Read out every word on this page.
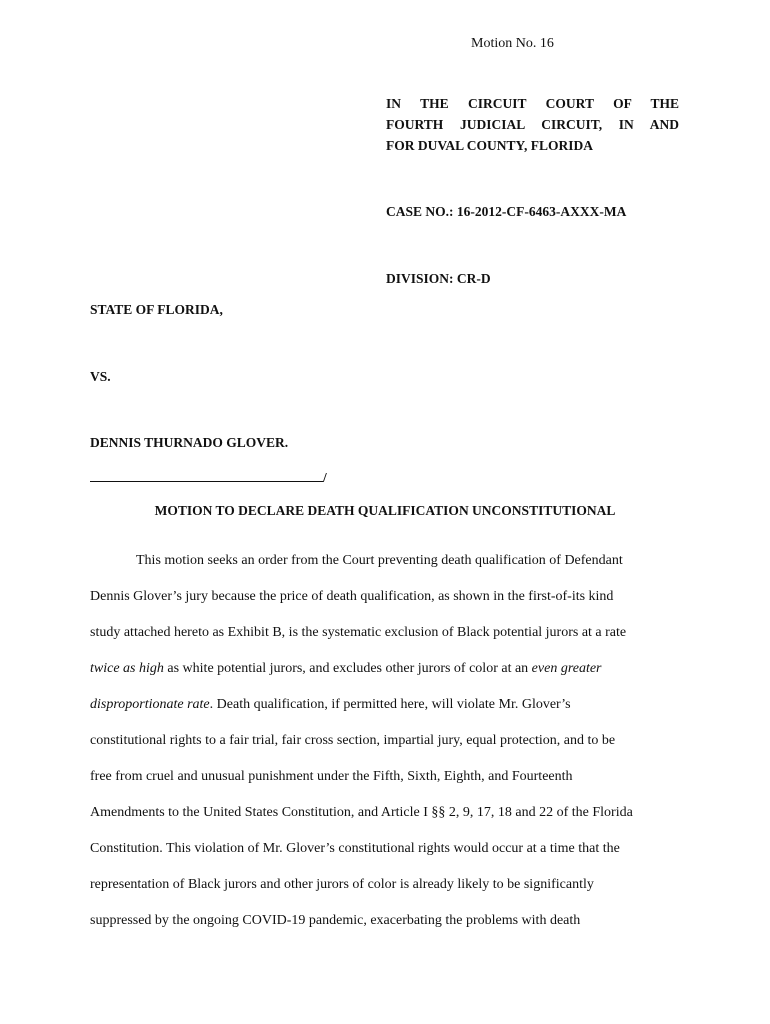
Motion No. 16
IN THE CIRCUIT COURT OF THE
FOURTH JUDICIAL CIRCUIT, IN AND
FOR DUVAL COUNTY, FLORIDA
CASE NO.: 16-2012-CF-6463-AXXX-MA
DIVISION: CR-D
STATE OF FLORIDA,
VS.
DENNIS THURNADO GLOVER.
/
MOTION TO DECLARE DEATH QUALIFICATION UNCONSTITUTIONAL
This motion seeks an order from the Court preventing death qualification of Defendant
Dennis Glover’s jury because the price of death qualification, as shown in the first-of-its kind
study attached hereto as Exhibit B, is the systematic exclusion of Black potential jurors at a rate
twice as high as white potential jurors, and excludes other jurors of color at an even greater
disproportionate rate. Death qualification, if permitted here, will violate Mr. Glover’s
constitutional rights to a fair trial, fair cross section, impartial jury, equal protection, and to be
free from cruel and unusual punishment under the Fifth, Sixth, Eighth, and Fourteenth
Amendments to the United States Constitution, and Article I §§ 2, 9, 17, 18 and 22 of the Florida
Constitution. This violation of Mr. Glover’s constitutional rights would occur at a time that the
representation of Black jurors and other jurors of color is already likely to be significantly
suppressed by the ongoing COVID-19 pandemic, exacerbating the problems with death
